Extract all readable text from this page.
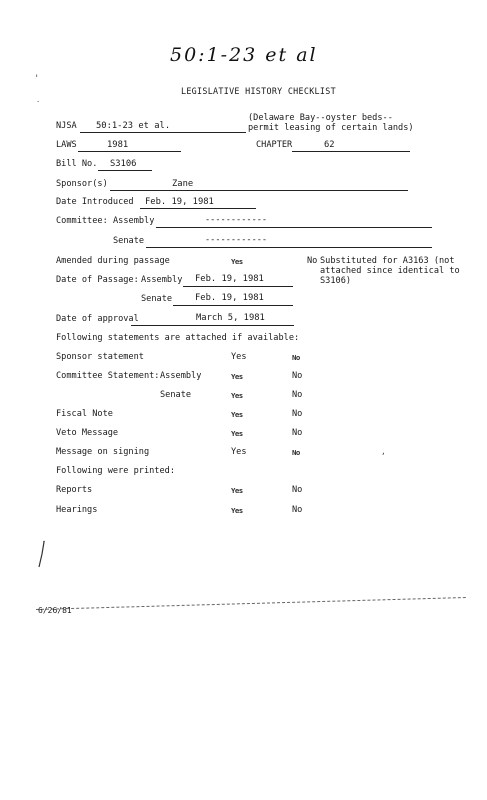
50:1-23 et al
'
.
LEGISLATIVE HISTORY CHECKLIST
NJSA 50:1-23 et al.
(Delaware Bay--oyster beds--permit leasing of certain lands)
LAWS	1981	CHAPTER	62
Bill No. S3106
Sponsor(s)	Zane
Date Introduced Feb. 19, 1981
Committee: Assembly	------------
Senate	------------
Amended during passage	Yes	No Substituted for A3163 (not attached since identical to S3106)
Date of Passage: Assembly Feb. 19, 1981
Senate	Feb. 19, 1981
Date of approval	March 5, 1981
Following statements are attached if available:
Sponsor statement	Yes	No
Committee Statement: Assembly	Yes	No
Senate	Yes	No
Fiscal Note	Yes	No
Veto Message	Yes	No
Message on signing	Yes	No	,
Following were printed:
Reports	Yes	No
Hearings	Yes	No
6/26/81
